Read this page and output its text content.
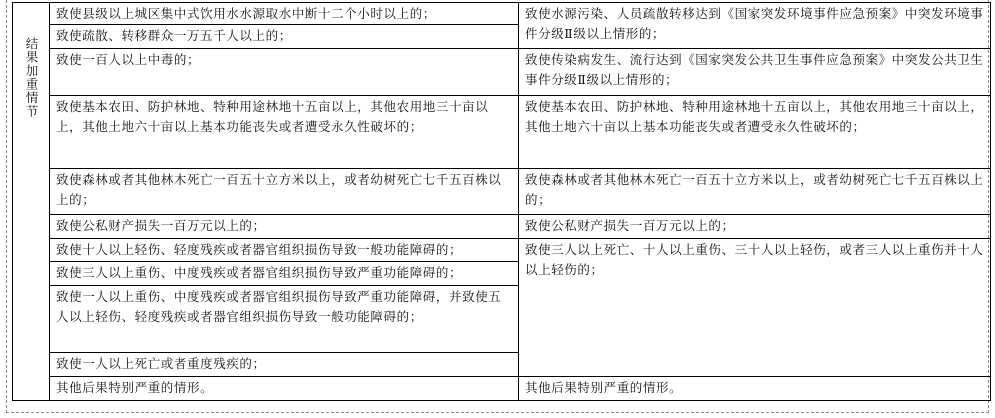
结果加重情节	致使县级以上城区集中式饮用水水源取水中断十二个小时以上的；	致使水源污染、人员疏散转移达到《国家突发环境事件应急预案》中突发环境事件分级Ⅱ级以上情形的；
	致使疏散、转移群众一万五千人以上的；	
	致使一百人以上中毒的；	致使传染病发生、流行达到《国家突发公共卫生事件应急预案》中突发公共卫生事件分级Ⅱ级以上情形的；
	致使基本农田、防护林地、特种用途林地十五亩以上，其他农用地三十亩以上，其他土地六十亩以上基本功能丧失或者遭受永久性破坏的；	致使基本农田、防护林地、特种用途林地十五亩以上，其他农用地三十亩以上，其他土地六十亩以上基本功能丧失或者遭受永久性破坏的；
	致使森林或者其他林木死亡一百五十立方米以上，或者幼树死亡七千五百株以上的；	致使森林或者其他林木死亡一百五十立方米以上，或者幼树死亡七千五百株以上的；
	致使公私财产损失一百万元以上的；	致使公私财产损失一百万元以上的；
	致使十人以上轻伤、轻度残疾或者器官组织损伤导致一般功能障碍的；	致使三人以上死亡、十人以上重伤、三十人以上轻伤，或者三人以上重伤并十人以上轻伤的；
	致使三人以上重伤、中度残疾或者器官组织损伤导致严重功能障碍的；	
	致使一人以上重伤、中度残疾或者器官组织损伤导致严重功能障碍，并致使五人以上轻伤、轻度残疾或者器官组织损伤导致一般功能障碍的；	
	致使一人以上死亡或者重度残疾的；	
	其他后果特别严重的情形。	其他后果特别严重的情形。
